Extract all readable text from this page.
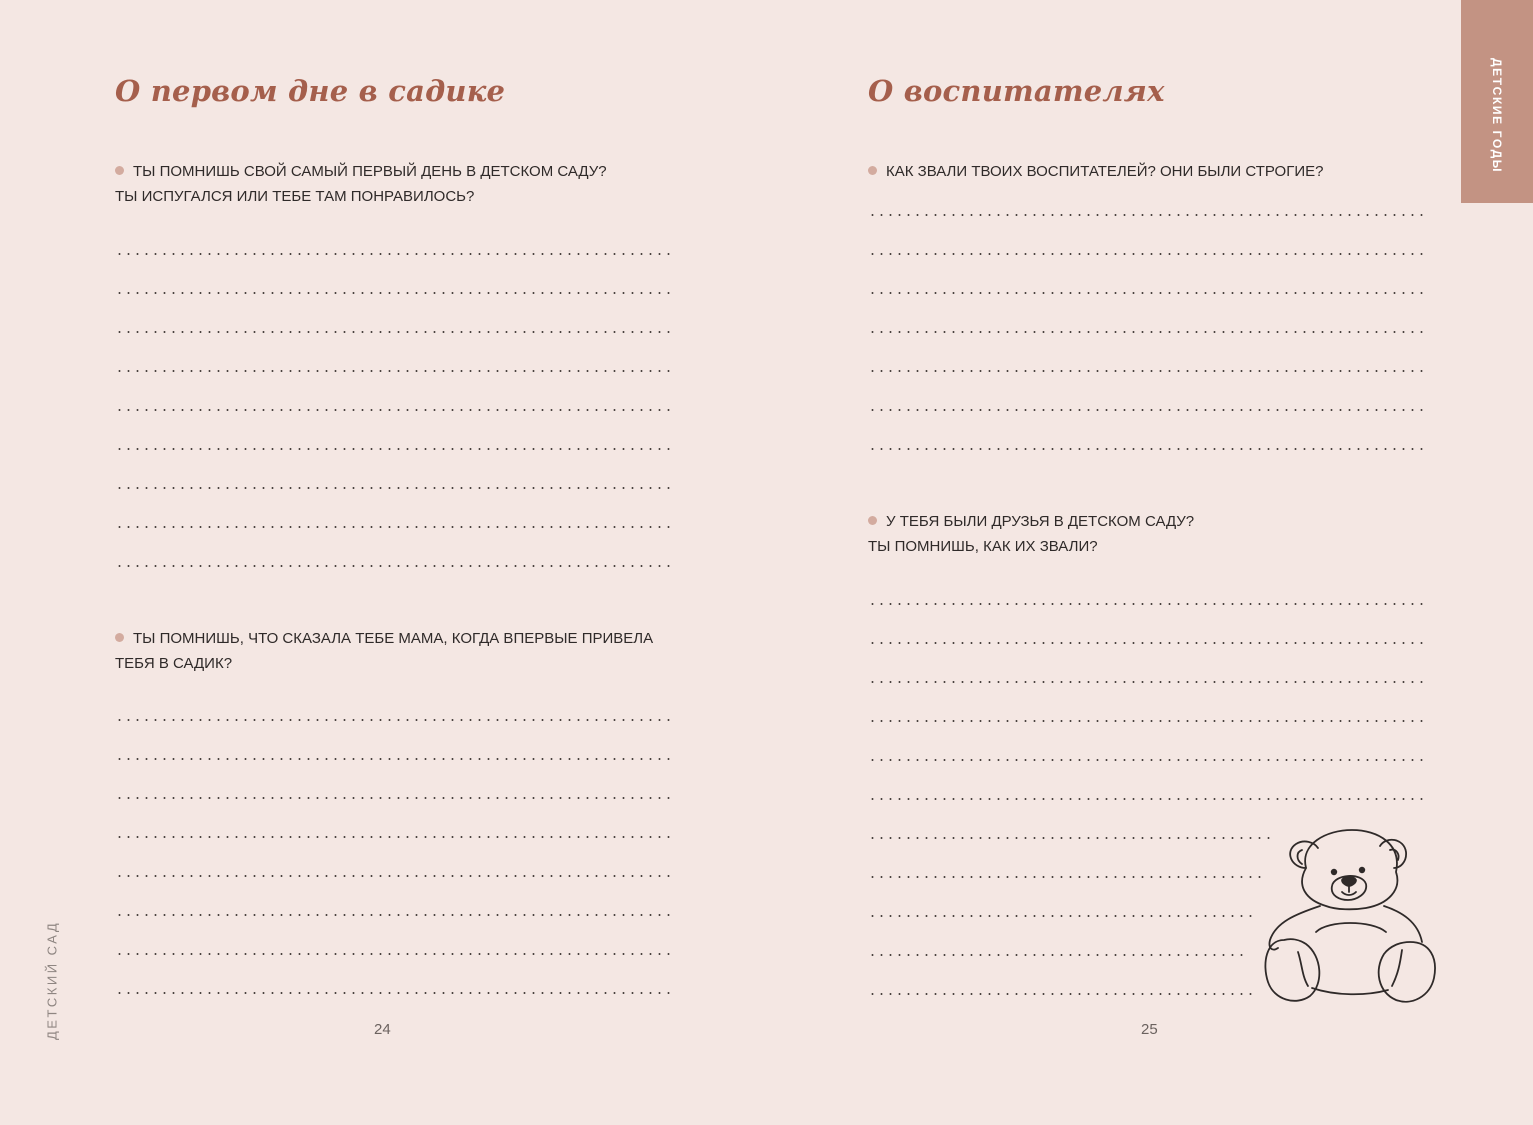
ДЕТСКИЕ ГОДЫ
ДЕТСКИЙ САД
О первом дне в садике
ТЫ ПОМНИШЬ СВОЙ САМЫЙ ПЕРВЫЙ ДЕНЬ В ДЕТСКОМ САДУ?
ТЫ ИСПУГАЛСЯ ИЛИ ТЕБЕ ТАМ ПОНРАВИЛОСЬ?
ТЫ ПОМНИШЬ, ЧТО СКАЗАЛА ТЕБЕ МАМА, КОГДА ВПЕРВЫЕ ПРИВЕЛА
ТЕБЯ В САДИК?
24
О воспитателях
КАК ЗВАЛИ ТВОИХ ВОСПИТАТЕЛЕЙ? ОНИ БЫЛИ СТРОГИЕ?
У ТЕБЯ БЫЛИ ДРУЗЬЯ В ДЕТСКОМ САДУ?
ТЫ ПОМНИШЬ, КАК ИХ ЗВАЛИ?
25
